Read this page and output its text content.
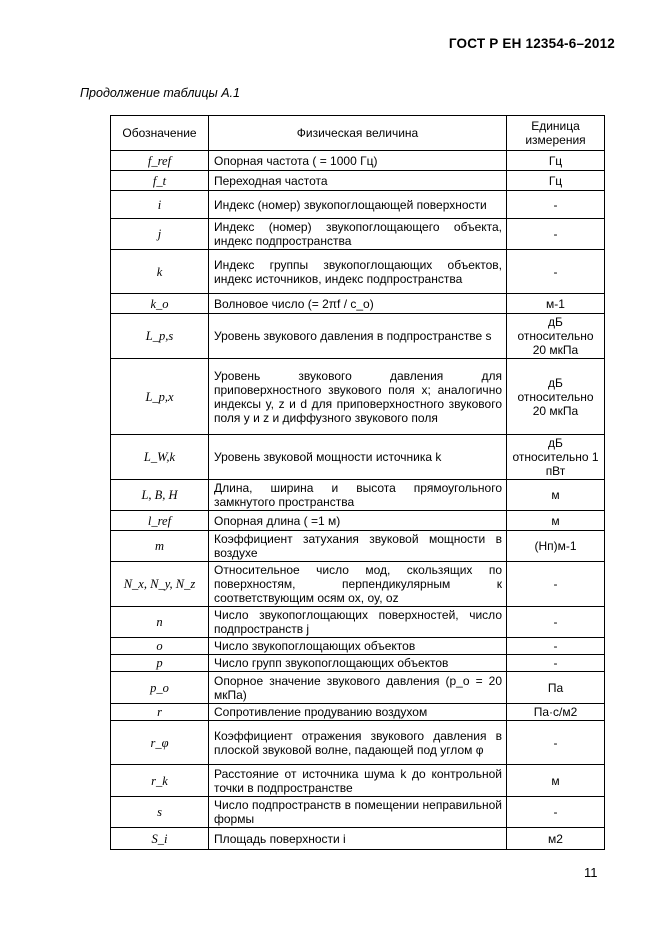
ГОСТ Р ЕН 12354-6–2012
Продолжение таблицы А.1
Обозначение	Физическая величина	Единица измерения
f_ref	Опорная частота ( = 1000 Гц)	Гц
f_t	Переходная частота	Гц
i	Индекс (номер) звукопоглощающей поверхности	-
j	Индекс (номер) звукопоглощающего объекта, индекс подпространства	-
k	Индекс группы звукопоглощающих объектов, индекс источников, индекс подпространства	-
k_o	Волновое число (= 2πf / c_o)	м-1
L_p,s	Уровень звукового давления в подпространстве s	дБ относительно 20 мкПа
L_p,x	Уровень звукового давления для приповерхностного звукового поля x; аналогично индексы y, z и d для приповерхностного звукового поля y и z и диффузного звукового поля	дБ относительно 20 мкПа
L_W,k	Уровень звуковой мощности источника k	дБ относительно 1 пВт
L, B, H	Длина, ширина и высота прямоугольного замкнутого пространства	м
l_ref	Опорная длина ( =1 м)	м
m	Коэффициент затухания звуковой мощности в воздухе	(Нп)м-1
N_x, N_y, N_z	Относительное число мод, скользящих по поверхностям, перпендикулярным к соответствующим осям ox, oy, oz	-
n	Число звукопоглощающих поверхностей, число подпространств j	-
o	Число звукопоглощающих объектов	-
p	Число групп звукопоглощающих объектов	-
p_o	Опорное значение звукового давления (p_o = 20 мкПа)	Па
r	Сопротивление продуванию воздухом	Па·с/м2
r_φ	Коэффициент отражения звукового давления в плоской звуковой волне, падающей под углом φ	-
r_k	Расстояние от источника шума k до контрольной точки в подпространстве	м
s	Число подпространств в помещении неправильной формы	-
S_i	Площадь поверхности i	м2
11
